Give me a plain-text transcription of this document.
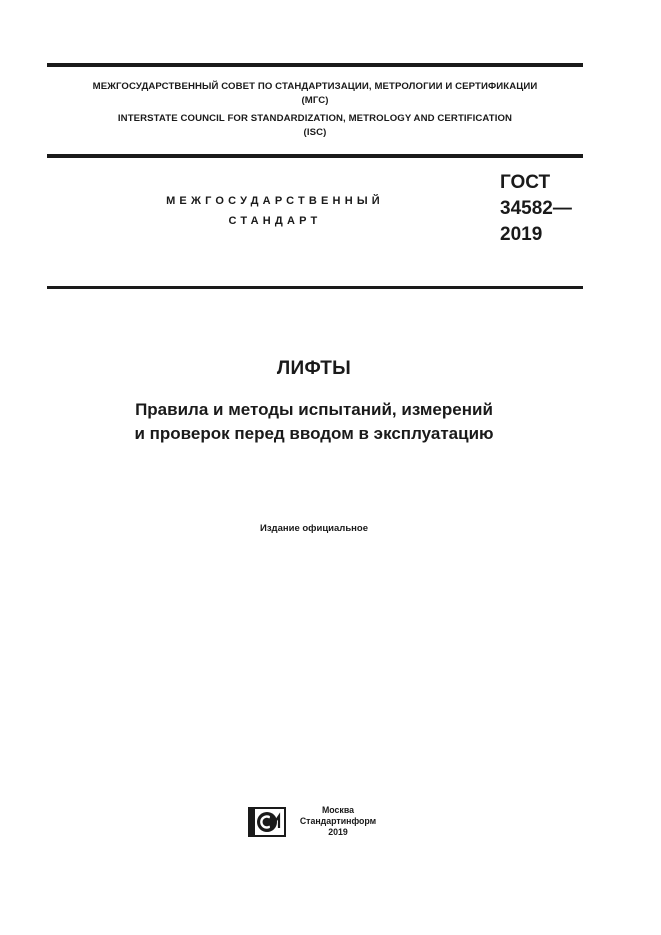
МЕЖГОСУДАРСТВЕННЫЙ СОВЕТ ПО СТАНДАРТИЗАЦИИ, МЕТРОЛОГИИ И СЕРТИФИКАЦИИ
(МГС)
INTERSTATE COUNCIL FOR STANDARDIZATION, METROLOGY AND CERTIFICATION
(ISC)
МЕЖГОСУДАРСТВЕННЫЙ
СТАНДАРТ
ГОСТ
34582—
2019
ЛИФТЫ
Правила и методы испытаний, измерений
и проверок перед вводом в эксплуатацию
Издание официальное
Москва
Стандартинформ
2019
